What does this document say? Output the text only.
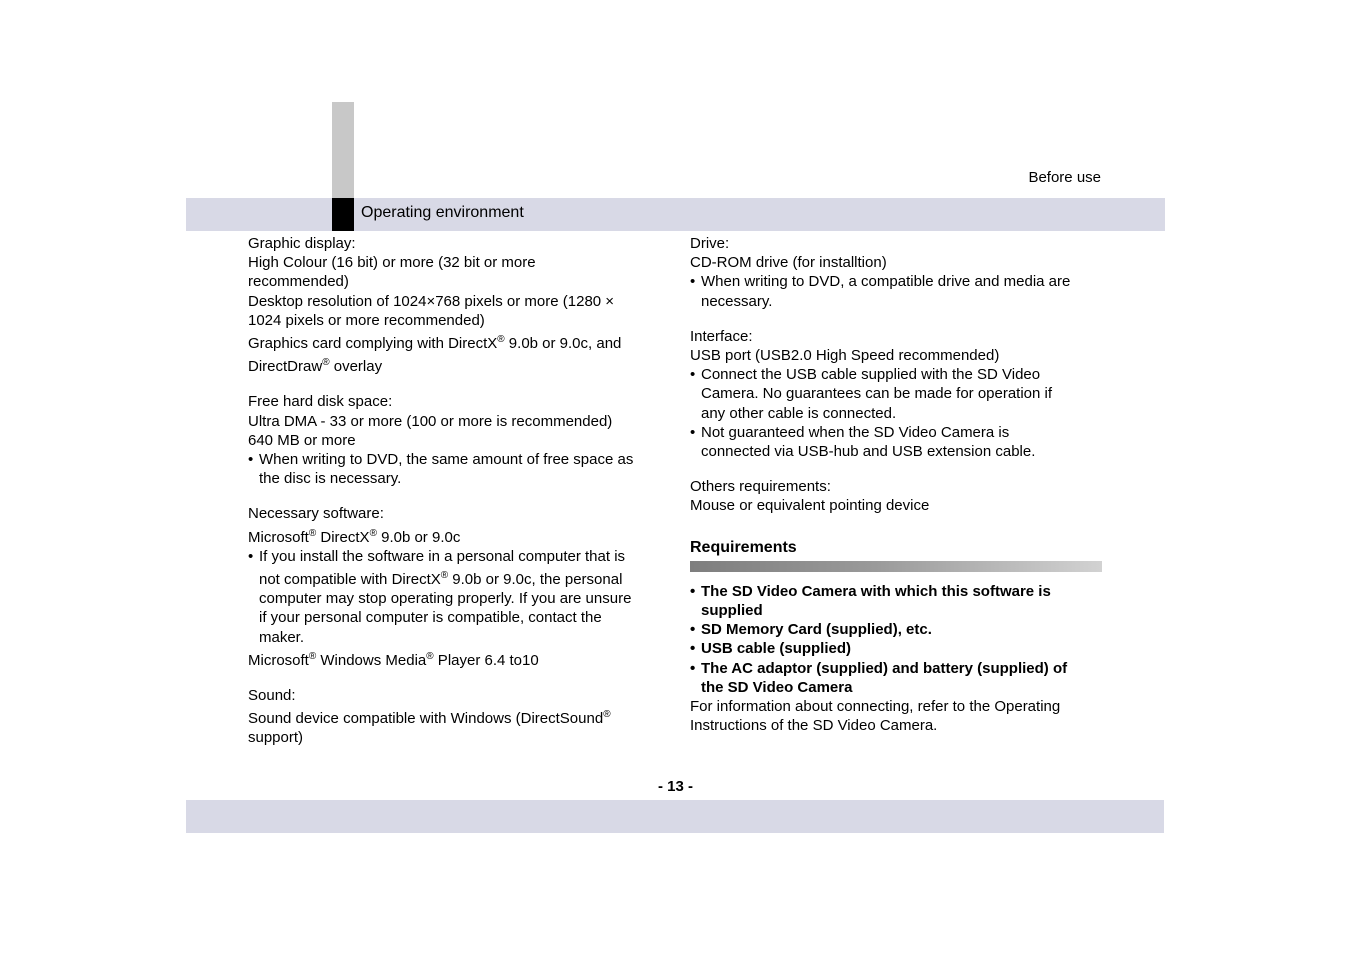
Before use
Operating environment
Graphic display:
High Colour (16 bit) or more (32 bit or more
recommended)
Desktop resolution of 1024×768 pixels or more (1280 ×
1024 pixels or more recommended)
Graphics card complying with DirectX® 9.0b or 9.0c, and
DirectDraw® overlay
Free hard disk space:
Ultra DMA - 33 or more (100 or more is recommended)
640 MB or more
• When writing to DVD, the same amount of free space as
the disc is necessary.
Necessary software:
Microsoft® DirectX® 9.0b or 9.0c
• If you install the software in a personal computer that is
not compatible with DirectX® 9.0b or 9.0c, the personal
computer may stop operating properly. If you are unsure
if your personal computer is compatible, contact the
maker.
Microsoft® Windows Media® Player 6.4 to10
Sound:
Sound device compatible with Windows (DirectSound®
support)
Drive:
CD-ROM drive (for installtion)
• When writing to DVD, a compatible drive and media are
necessary.
Interface:
USB port (USB2.0 High Speed recommended)
• Connect the USB cable supplied with the SD Video
Camera. No guarantees can be made for operation if
any other cable is connected.
• Not guaranteed when the SD Video Camera is
connected via USB-hub and USB extension cable.
Others requirements:
Mouse or equivalent pointing device
Requirements
• The SD Video Camera with which this software is
supplied
• SD Memory Card (supplied), etc.
• USB cable (supplied)
• The AC adaptor (supplied) and battery (supplied) of
the SD Video Camera
For information about connecting, refer to the Operating
Instructions of the SD Video Camera.
- 13 -
